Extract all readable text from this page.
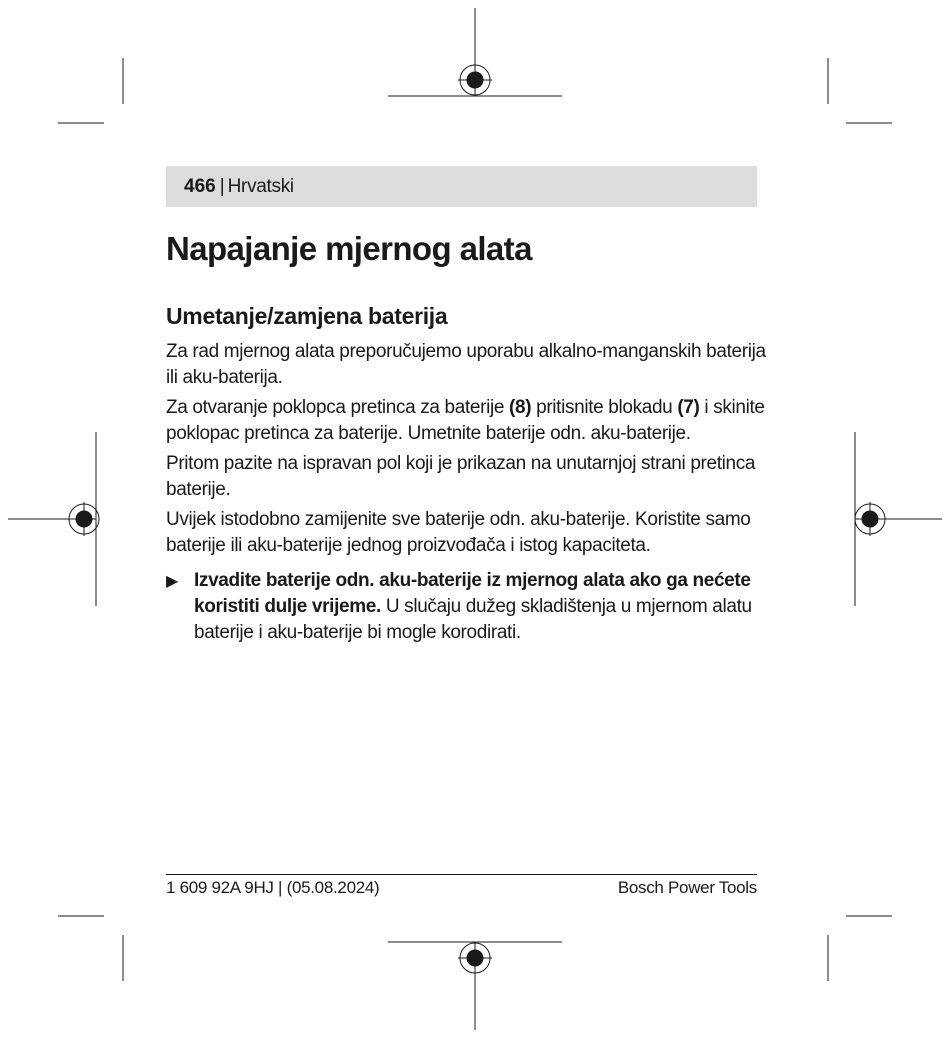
466 | Hrvatski
Napajanje mjernog alata
Umetanje/zamjena baterija

Za rad mjernog alata preporučujemo uporabu alkalno-manganskih baterija ili aku-baterija.

Za otvaranje poklopca pretinca za baterije (8) pritisnite blokadu (7) i skinite poklopac pretinca za baterije. Umetnite baterije odn. aku-baterije.

Pritom pazite na ispravan pol koji je prikazan na unutarnjoj strani pretinca baterije.

Uvijek istodobno zamijenite sve baterije odn. aku-baterije. Koristite samo baterije ili aku-baterije jednog proizvođača i istog kapaciteta.

▶ Izvadite baterije odn. aku-baterije iz mjernog alata ako ga nećete koristiti dulje vrijeme. U slučaju dužeg skladištenja u mjernom alatu baterije i aku-baterije bi mogle korodirati.
1 609 92A 9HJ | (05.08.2024)	Bosch Power Tools
